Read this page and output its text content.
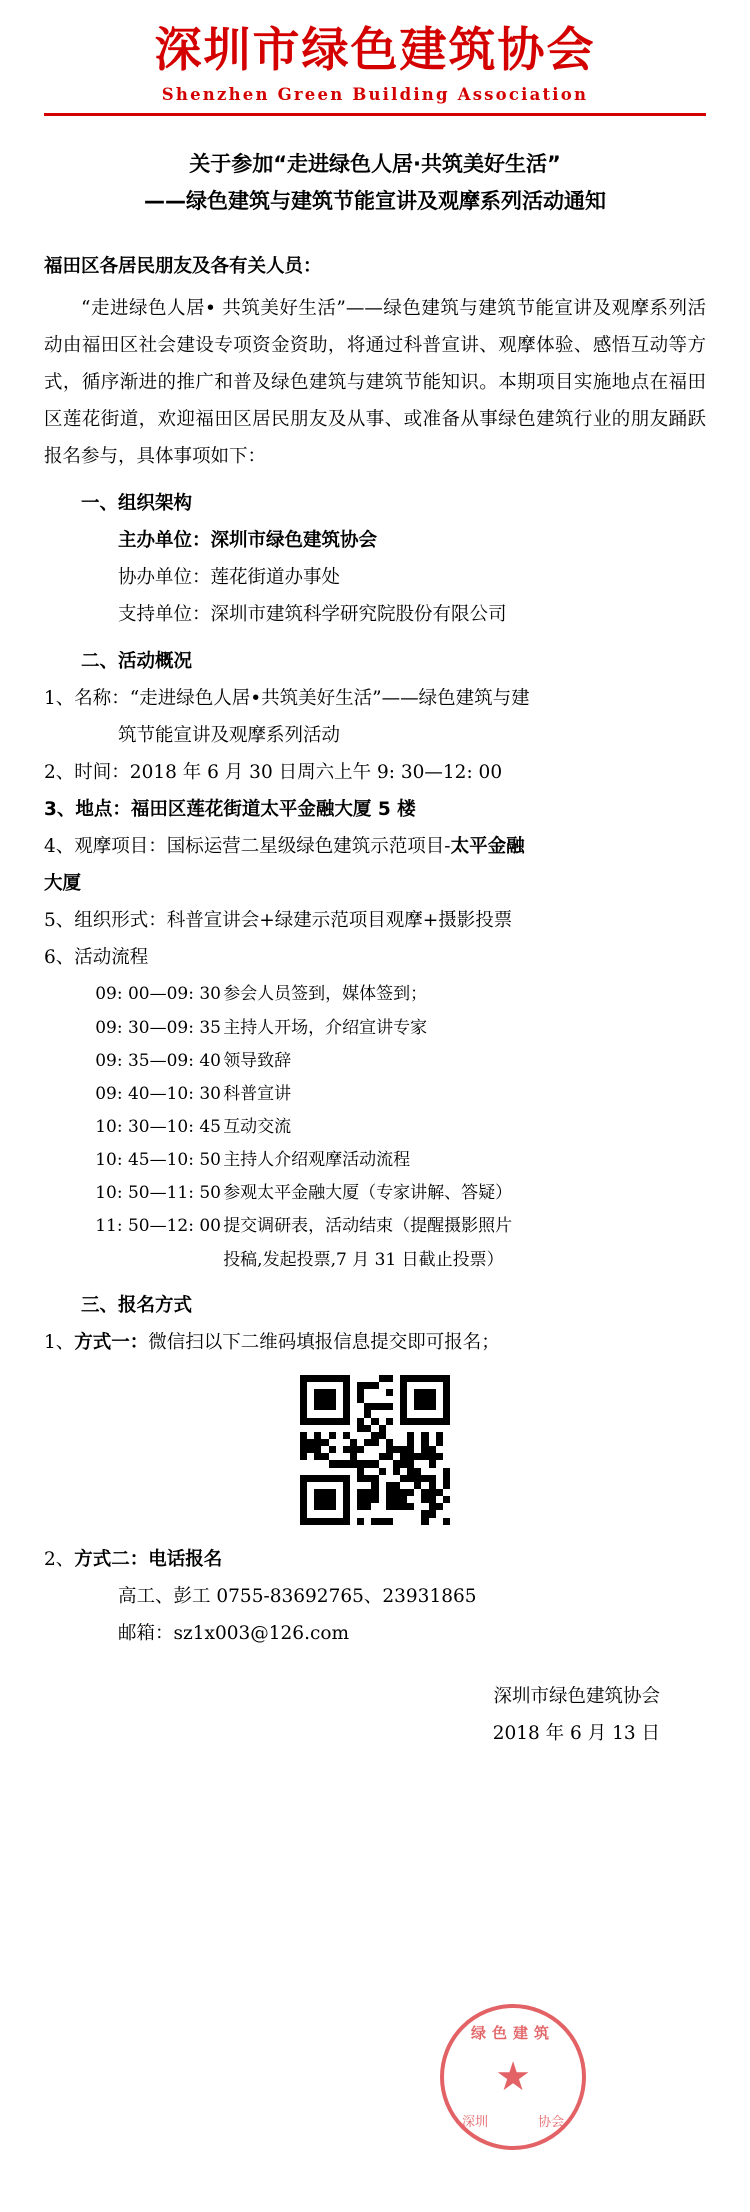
深圳市绿色建筑协会
Shenzhen Green Building Association
关于参加“走进绿色人居·共筑美好生活”
——绿色建筑与建筑节能宣讲及观摩系列活动通知
福田区各居民朋友及各有关人员：

“走进绿色人居• 共筑美好生活”——绿色建筑与建筑节能宣讲及观摩系列活动由福田区社会建设专项资金资助，将通过科普宣讲、观摩体验、感悟互动等方式，循序渐进的推广和普及绿色建筑与建筑节能知识。本期项目实施地点在福田区莲花街道，欢迎福田区居民朋友及从事、或准备从事绿色建筑行业的朋友踊跃报名参与，具体事项如下：

一、组织架构
主办单位：深圳市绿色建筑协会
协办单位：莲花街道办事处
支持单位：深圳市建筑科学研究院股份有限公司
二、活动概况
1、名称：“走进绿色人居•共筑美好生活”——绿色建筑与建
筑节能宣讲及观摩系列活动
2、时间：2018 年 6 月 30 日周六上午 9: 30—12: 00
3、地点：福田区莲花街道太平金融大厦 5 楼
4、观摩项目：国标运营二星级绿色建筑示范项目-太平金融
大厦
5、组织形式：科普宣讲会+绿建示范项目观摩+摄影投票
6、活动流程
09: 00—09: 30 参会人员签到，媒体签到；
09: 30—09: 35 主持人开场，介绍宣讲专家
09: 35—09: 40 领导致辞
09: 40—10: 30 科普宣讲
10: 30—10: 45 互动交流
10: 45—10: 50 主持人介绍观摩活动流程
10: 50—11: 50 参观太平金融大厦（专家讲解、答疑）
11: 50—12: 00 提交调研表，活动结束（提醒摄影照片
投稿,发起投票,7 月 31 日截止投票）
三、报名方式
1、方式一：微信扫以下二维码填报信息提交即可报名；
2、方式二：电话报名
高工、彭工 0755-83692765、23931865
邮箱：sz1x003@126.com
深圳市绿色建筑协会
2018 年 6 月 13 日
绿色建筑
★
深圳	协会
